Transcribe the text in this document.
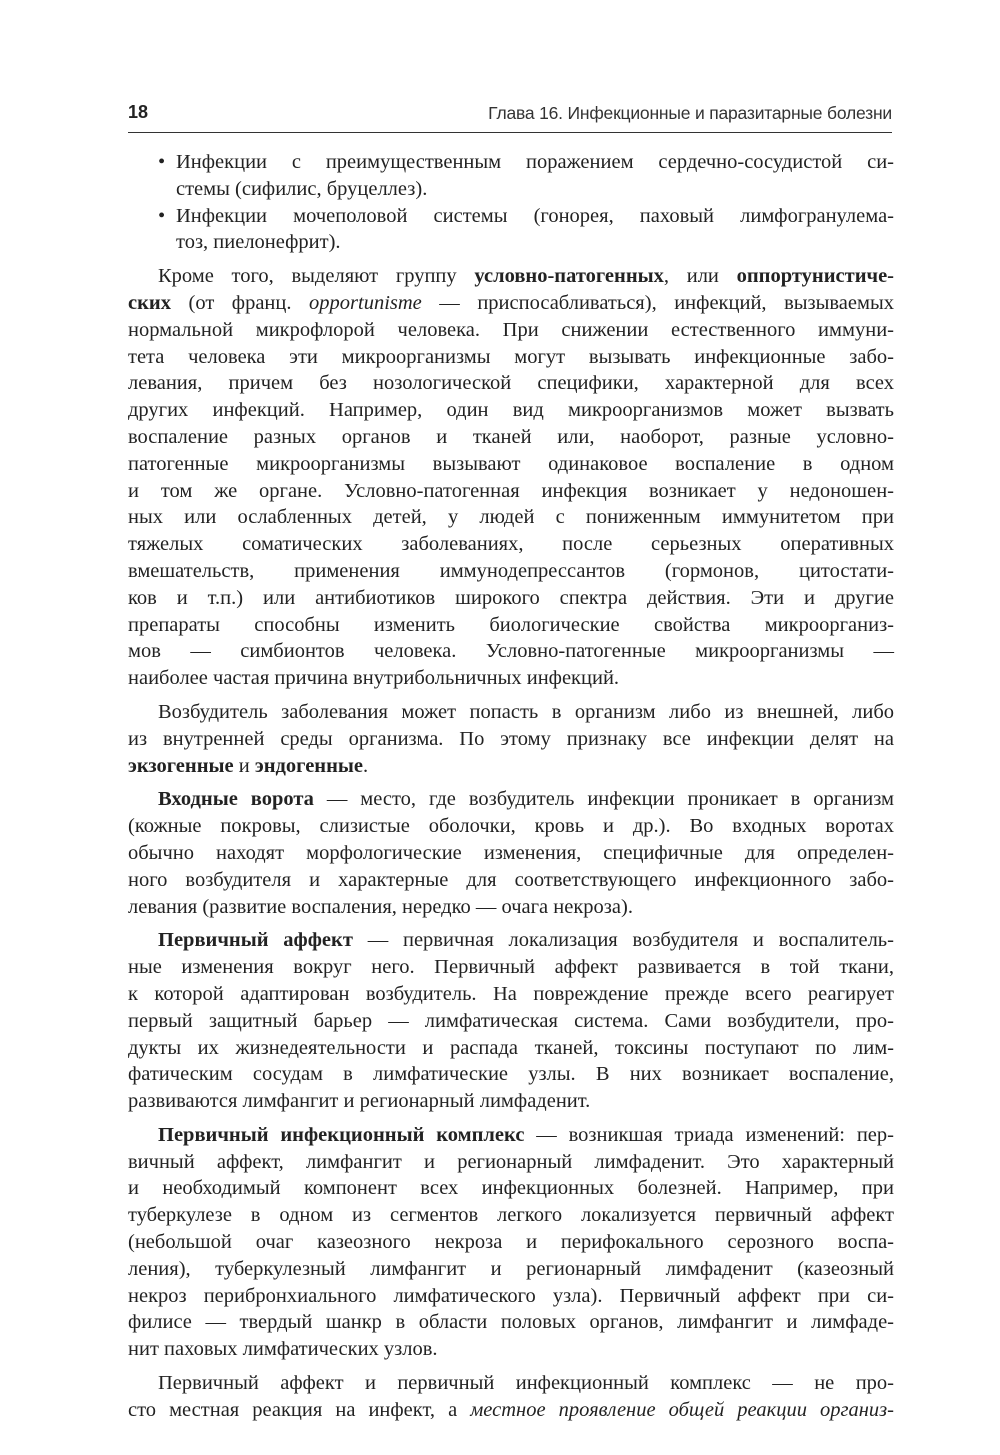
18	Глава 16. Инфекционные и паразитарные болезни
• Инфекции с преимущественным поражением сердечно-сосудистой си-
стемы (сифилис, бруцеллез).
• Инфекции мочеполовой системы (гонорея, паховый лимфогранулема-
тоз, пиелонефрит).
Кроме того, выделяют группу условно-патогенных, или оппортунистиче-
ских (от франц. opportunisme — приспосабливаться), инфекций, вызываемых
нормальной микрофлорой человека. При снижении естественного иммуни-
тета человека эти микроорганизмы могут вызывать инфекционные забо-
левания, причем без нозологической специфики, характерной для всех
других инфекций. Например, один вид микроорганизмов может вызвать
воспаление разных органов и тканей или, наоборот, разные условно-
патогенные микроорганизмы вызывают одинаковое воспаление в одном
и том же органе. Условно-патогенная инфекция возникает у недоношен-
ных или ослабленных детей, у людей с пониженным иммунитетом при
тяжелых соматических заболеваниях, после серьезных оперативных
вмешательств, применения иммунодепрессантов (гормонов, цитостати-
ков и т.п.) или антибиотиков широкого спектра действия. Эти и другие
препараты способны изменить биологические свойства микроорганиз-
мов — симбионтов человека. Условно-патогенные микроорганизмы —
наиболее частая причина внутрибольничных инфекций.
Возбудитель заболевания может попасть в организм либо из внешней, либо
из внутренней среды организма. По этому признаку все инфекции делят на
экзогенные и эндогенные.
Входные ворота — место, где возбудитель инфекции проникает в организм
(кожные покровы, слизистые оболочки, кровь и др.). Во входных воротах
обычно находят морфологические изменения, специфичные для определен-
ного возбудителя и характерные для соответствующего инфекционного забо-
левания (развитие воспаления, нередко — очага некроза).
Первичный аффект — первичная локализация возбудителя и воспалитель-
ные изменения вокруг него. Первичный аффект развивается в той ткани,
к которой адаптирован возбудитель. На повреждение прежде всего реагирует
первый защитный барьер — лимфатическая система. Сами возбудители, про-
дукты их жизнедеятельности и распада тканей, токсины поступают по лим-
фатическим сосудам в лимфатические узлы. В них возникает воспаление,
развиваются лимфангит и регионарный лимфаденит.
Первичный инфекционный комплекс — возникшая триада изменений: пер-
вичный аффект, лимфангит и регионарный лимфаденит. Это характерный
и необходимый компонент всех инфекционных болезней. Например, при
туберкулезе в одном из сегментов легкого локализуется первичный аффект
(небольшой очаг казеозного некроза и перифокального серозного воспа-
ления), туберкулезный лимфангит и регионарный лимфаденит (казеозный
некроз перибронхиального лимфатического узла). Первичный аффект при си-
филисе — твердый шанкр в области половых органов, лимфангит и лимфаде-
нит паховых лимфатических узлов.
Первичный аффект и первичный инфекционный комплекс — не про-
сто местная реакция на инфект, а местное проявление общей реакции организ-
